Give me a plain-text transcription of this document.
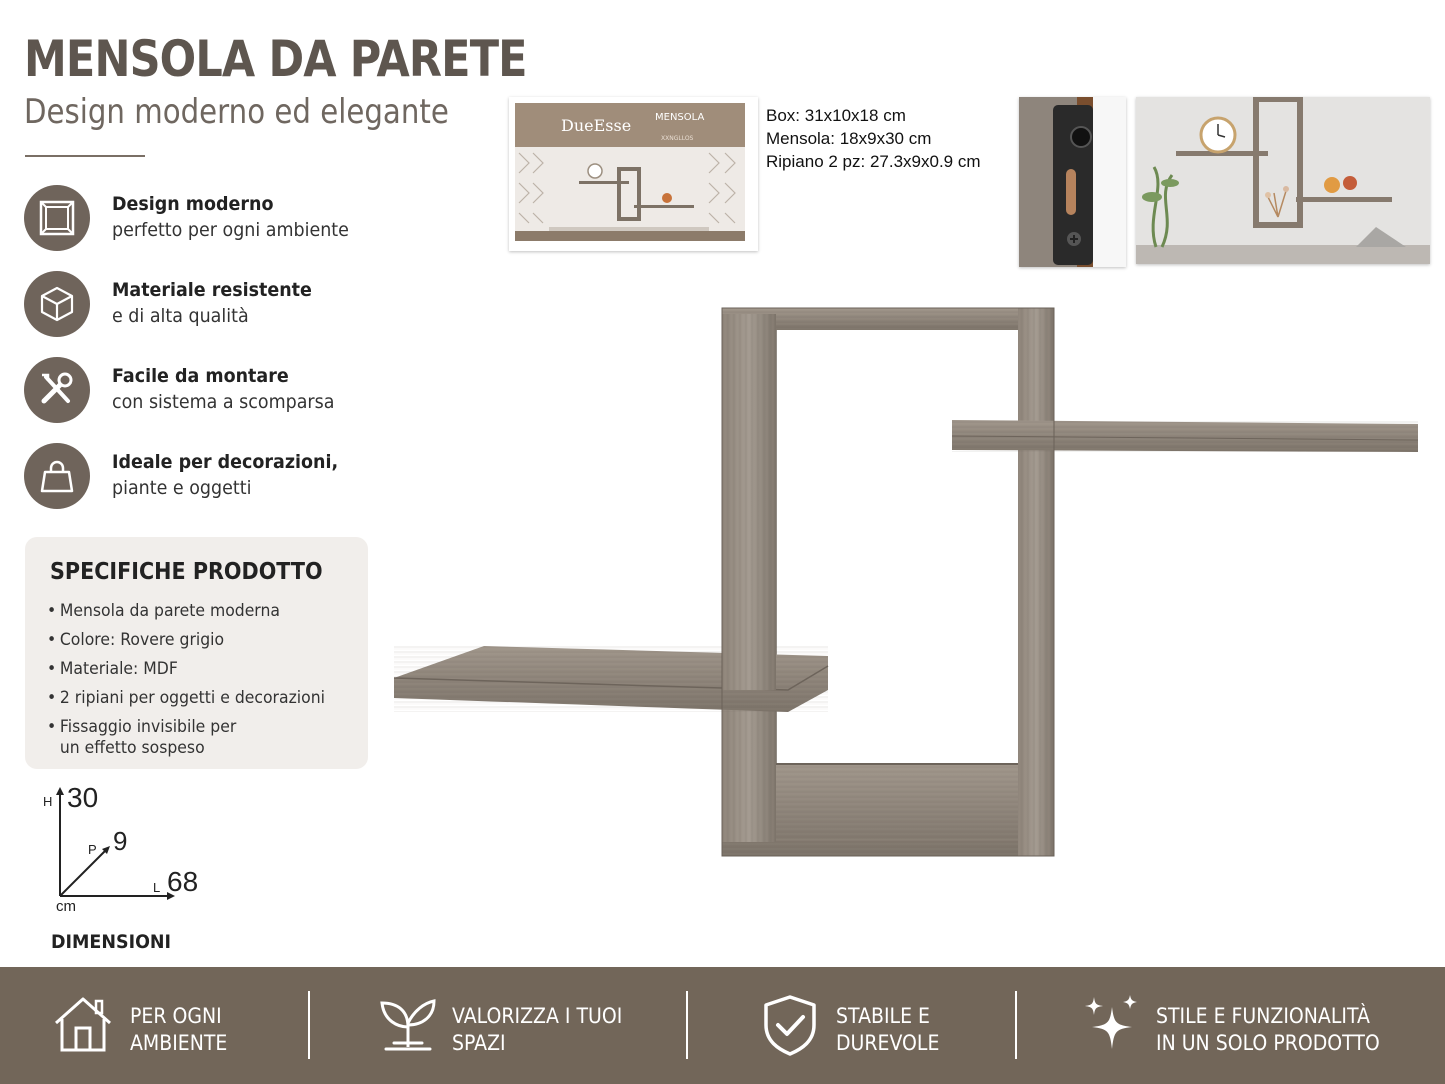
MENSOLA DA PARETE
Design moderno ed elegante
Design moderno
perfetto per ogni ambiente
Materiale resistente
e di alta qualità
Facile da montare
con sistema a scomparsa
Ideale per decorazioni,
piante e oggetti
SPECIFICHE PRODOTTO
• Mensola da parete moderna
• Colore: Rovere grigio
• Materiale: MDF
• 2 ripiani per oggetti e decorazioni
• Fissaggio invisibile per
un effetto sospeso
H 30
P 9
L 68
cm
DIMENSIONI
DueEsse MENSOLA
XXNGLLOS
Box: 31x10x18 cm
Mensola: 18x9x30 cm
Ripiano 2 pz: 27.3x9x0.9 cm
PER OGNI
AMBIENTE
VALORIZZA I TUOI
SPAZI
STABILE E
DUREVOLE
STILE E FUNZIONALITÀ
IN UN SOLO PRODOTTO
